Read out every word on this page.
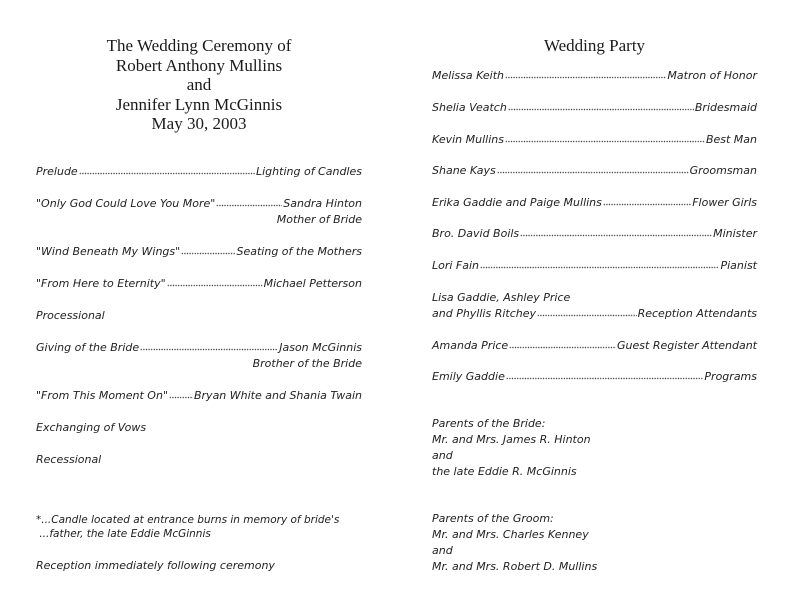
The Wedding Ceremony of
Robert Anthony Mullins
and
Jennifer Lynn McGinnis
May 30, 2003
Prelude	Lighting of Candles
"Only God Could Love You More"	Sandra Hinton
Mother of Bride
"Wind Beneath My Wings"	Seating of the Mothers
"From Here to Eternity"	Michael Petterson
Processional
Giving of the Bride	Jason McGinnis
Brother of the Bride
"From This Moment On" Bryan White and Shania Twain
Exchanging of Vows
Recessional
*...Candle located at entrance burns in memory of bride's
...father, the late Eddie McGinnis
Reception immediately following ceremony
Wedding Party
Melissa Keith	Matron of Honor
Shelia Veatch	Bridesmaid
Kevin Mullins	Best Man
Shane Kays	Groomsman
Erika Gaddie and Paige Mullins	Flower Girls
Bro. David Boils	Minister
Lori Fain	Pianist
Lisa Gaddie, Ashley Price
and Phyllis Ritchey	Reception Attendants
Amanda Price	Guest Register Attendant
Emily Gaddie	Programs
Parents of the Bride:
Mr. and Mrs. James R. Hinton
and
the late Eddie R. McGinnis
Parents of the Groom:
Mr. and Mrs. Charles Kenney
and
Mr. and Mrs. Robert D. Mullins
